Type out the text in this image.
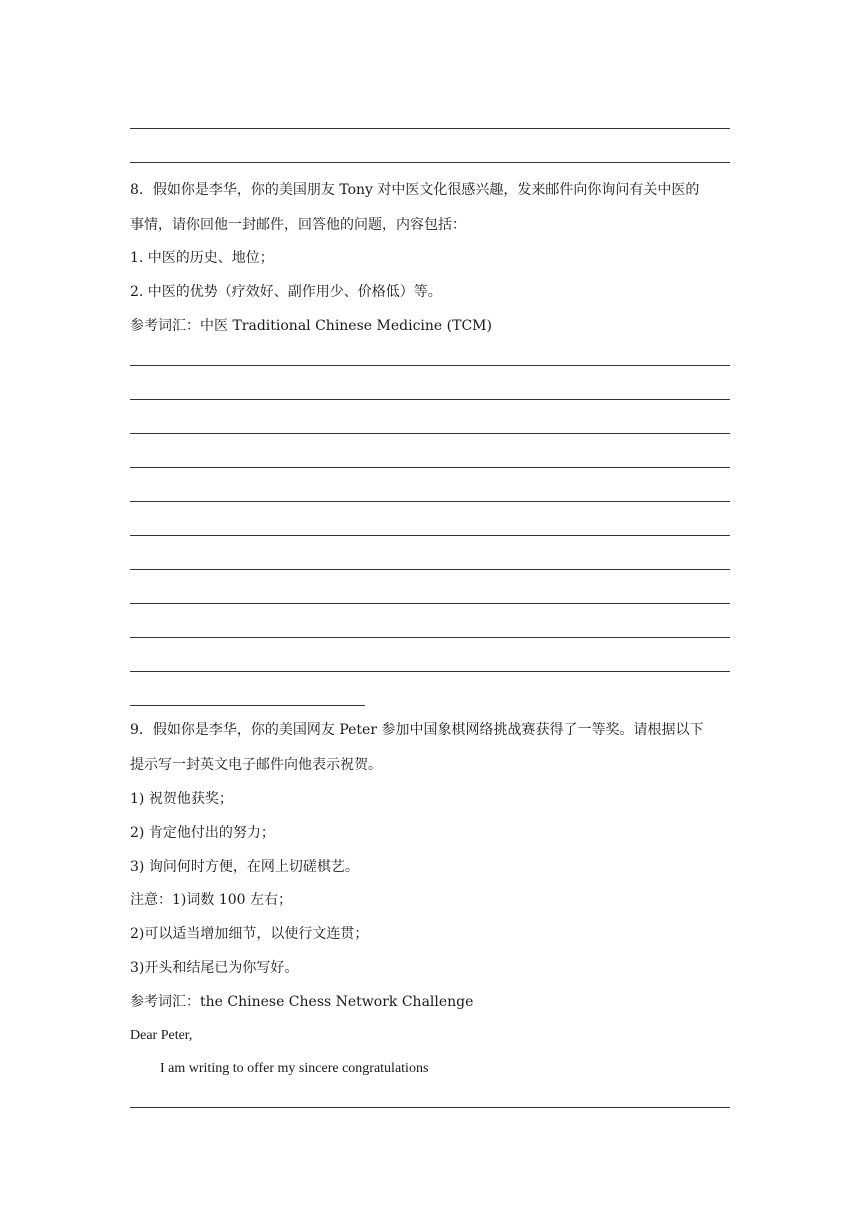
8．假如你是李华，你的美国朋友 Tony 对中医文化很感兴趣，发来邮件向你询问有关中医的
事情，请你回他一封邮件，回答他的问题，内容包括：
1. 中医的历史、地位；
2. 中医的优势（疗效好、副作用少、价格低）等。
参考词汇：中医 Traditional Chinese Medicine (TCM)
9．假如你是李华，你的美国网友 Peter 参加中国象棋网络挑战赛获得了一等奖。请根据以下
提示写一封英文电子邮件向他表示祝贺。
1) 祝贺他获奖；
2) 肯定他付出的努力；
3) 询问何时方便，在网上切磋棋艺。
注意：1)词数 100 左右；
2)可以适当增加细节，以使行文连贯；
3)开头和结尾已为你写好。
参考词汇：the Chinese Chess Network Challenge
Dear Peter,
I am writing to offer my sincere congratulations
